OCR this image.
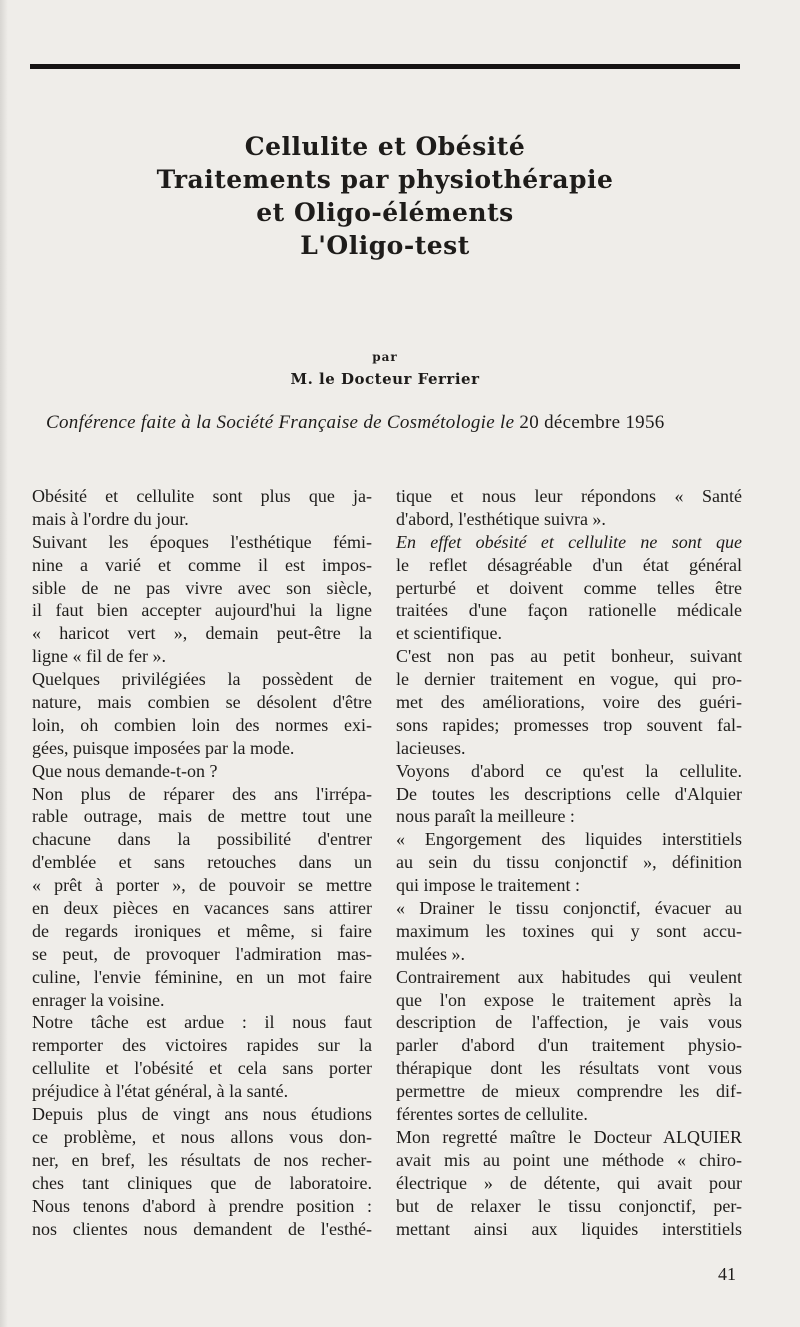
Cellulite et Obésité
Traitements par physiothérapie
et Oligo-éléments
L'Oligo-test
par
M. le Docteur Ferrier
Conférence faite à la Société Française de Cosmétologie le 20 décembre 1956
Obésité et cellulite sont plus que ja-
mais à l'ordre du jour.
Suivant les époques l'esthétique fémi-
nine a varié et comme il est impos-
sible de ne pas vivre avec son siècle,
il faut bien accepter aujourd'hui la ligne
« haricot vert », demain peut-être la
ligne « fil de fer ».
Quelques privilégiées la possèdent de
nature, mais combien se désolent d'être
loin, oh combien loin des normes exi-
gées, puisque imposées par la mode.
Que nous demande-t-on ?
Non plus de réparer des ans l'irrépa-
rable outrage, mais de mettre tout une
chacune dans la possibilité d'entrer
d'emblée et sans retouches dans un
« prêt à porter », de pouvoir se mettre
en deux pièces en vacances sans attirer
de regards ironiques et même, si faire
se peut, de provoquer l'admiration mas-
culine, l'envie féminine, en un mot faire
enrager la voisine.
Notre tâche est ardue : il nous faut
remporter des victoires rapides sur la
cellulite et l'obésité et cela sans porter
préjudice à l'état général, à la santé.
Depuis plus de vingt ans nous étudions
ce problème, et nous allons vous don-
ner, en bref, les résultats de nos recher-
ches tant cliniques que de laboratoire.
Nous tenons d'abord à prendre position :
nos clientes nous demandent de l'esthé-
tique et nous leur répondons « Santé
d'abord, l'esthétique suivra ».
En effet obésité et cellulite ne sont que
le reflet désagréable d'un état général
perturbé et doivent comme telles être
traitées d'une façon rationelle médicale
et scientifique.
C'est non pas au petit bonheur, suivant
le dernier traitement en vogue, qui pro-
met des améliorations, voire des guéri-
sons rapides; promesses trop souvent fal-
lacieuses.
Voyons d'abord ce qu'est la cellulite.
De toutes les descriptions celle d'Alquier
nous paraît la meilleure :
« Engorgement des liquides interstitiels
au sein du tissu conjonctif », définition
qui impose le traitement :
« Drainer le tissu conjonctif, évacuer au
maximum les toxines qui y sont accu-
mulées ».
Contrairement aux habitudes qui veulent
que l'on expose le traitement après la
description de l'affection, je vais vous
parler d'abord d'un traitement physio-
thérapique dont les résultats vont vous
permettre de mieux comprendre les dif-
férentes sortes de cellulite.
Mon regretté maître le Docteur ALQUIER
avait mis au point une méthode « chiro-
électrique » de détente, qui avait pour
but de relaxer le tissu conjonctif, per-
mettant ainsi aux liquides interstitiels
41
